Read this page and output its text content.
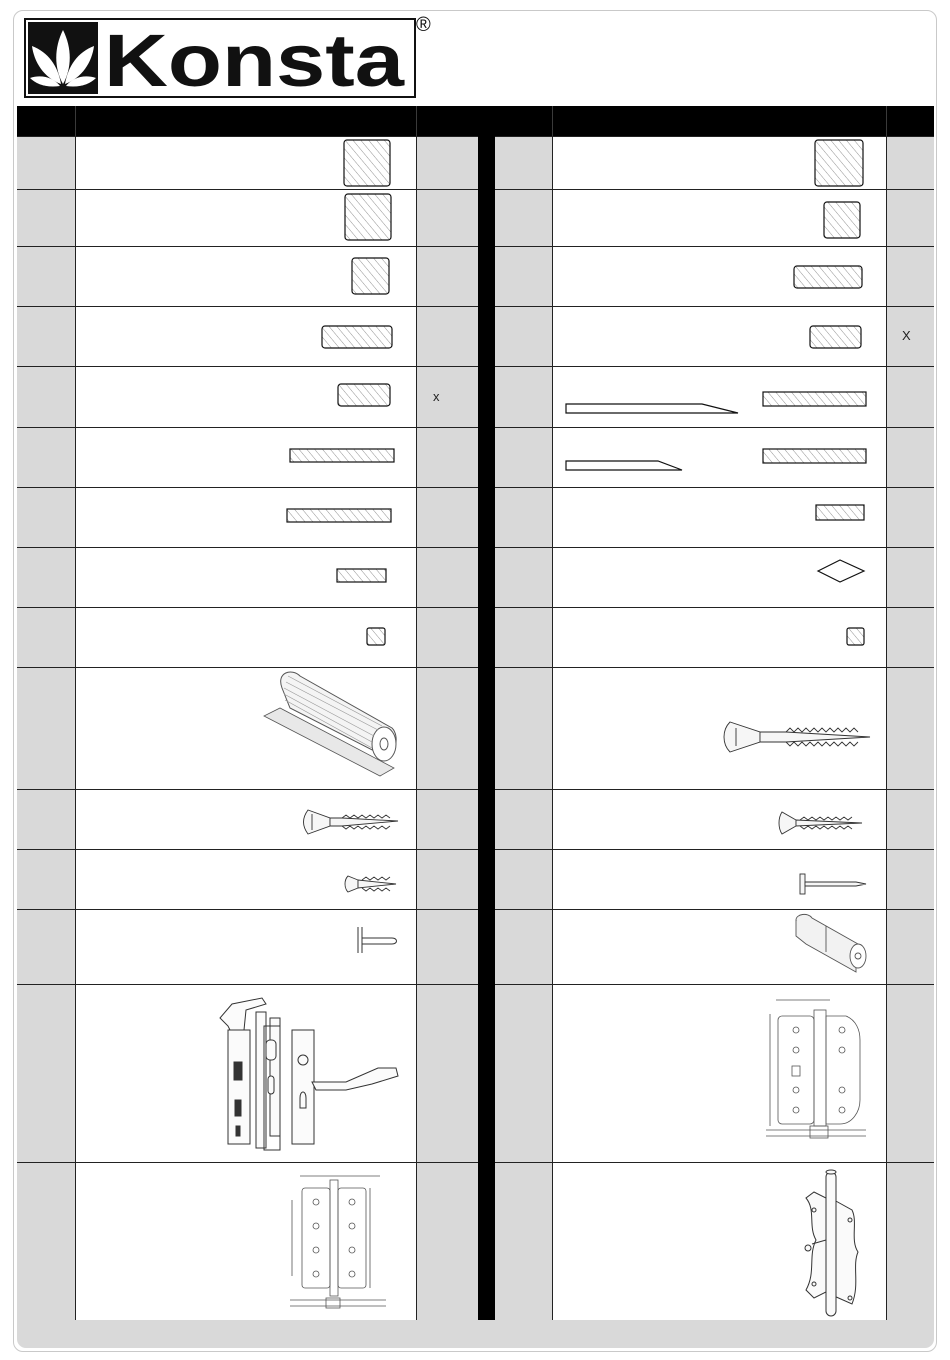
Konsta ®
x
X
